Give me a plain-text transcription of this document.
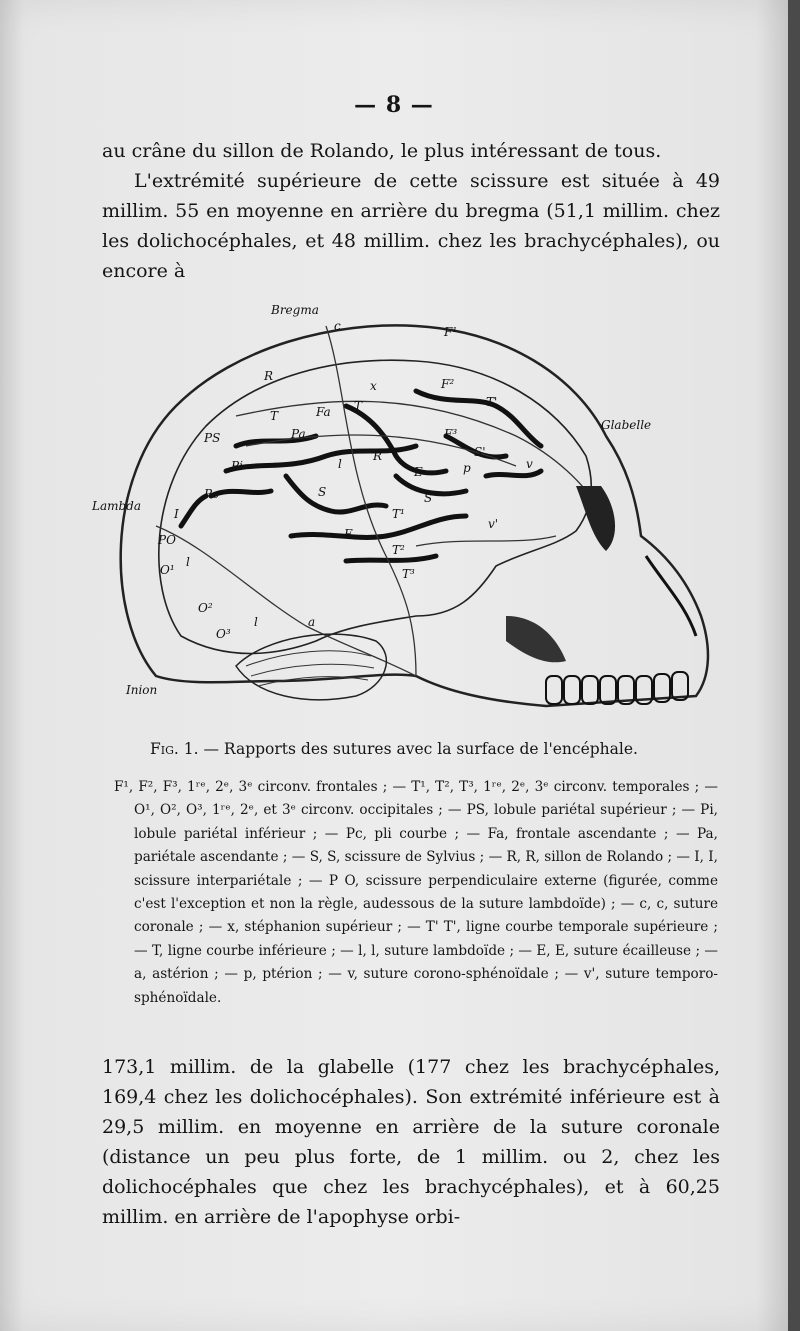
— 8 —

au crâne du sillon de Rolando, le plus intéressant de tous.

L'extrémité supérieure de cette scissure est située à 49 millim. 55 en moyenne en arrière du bregma (51,1 millim. chez les dolichocéphales, et 48 millim. chez les brachycéphales), ou encore à

Bregma
c	F¹
R
F²
x
T'
T	Fa T
Glabelle
PS	Pa	F³
S'
Pi	l
R
E	p	v
Lambda
Pc	S
I
S
T¹
v'
E
PO
T²
l
T³
O¹
O²
l	a
O³
Inion
Fig. 1. — Rapports des sutures avec la surface de l'encéphale.

F¹, F², F³, 1ʳᵉ, 2ᵉ, 3ᵉ circonv. frontales ; — T¹, T², T³, 1ʳᵉ, 2ᵉ, 3ᵉ circonv. temporales ; — O¹, O², O³, 1ʳᵉ, 2ᵉ, et 3ᵉ circonv. occipitales ; — PS, lobule pariétal supérieur ; — Pi, lobule pariétal inférieur ; — Pc, pli courbe ; — Fa, frontale ascendante ; — Pa, pariétale ascendante ; — S, S, scissure de Sylvius ; — R, R, sillon de Rolando ; — I, I, scissure interpariétale ; — P O, scissure perpendiculaire externe (figurée, comme c'est l'exception et non la règle, audessous de la suture lambdoïde) ; — c, c, suture coronale ; — x, stéphanion supérieur ; — T' T', ligne courbe temporale supérieure ; — T, ligne courbe inférieure ; — l, l, suture lambdoïde ; — E, E, suture écailleuse ; — a, astérion ; — p, ptérion ; — v, suture corono-sphénoïdale ; — v', suture temporo-sphénoïdale.

173,1 millim. de la glabelle (177 chez les brachycéphales, 169,4 chez les dolichocéphales). Son extrémité inférieure est à 29,5 millim. en moyenne en arrière de la suture coronale (distance un peu plus forte, de 1 millim. ou 2, chez les dolichocéphales que chez les brachycéphales), et à 60,25 millim. en arrière de l'apophyse orbi-
